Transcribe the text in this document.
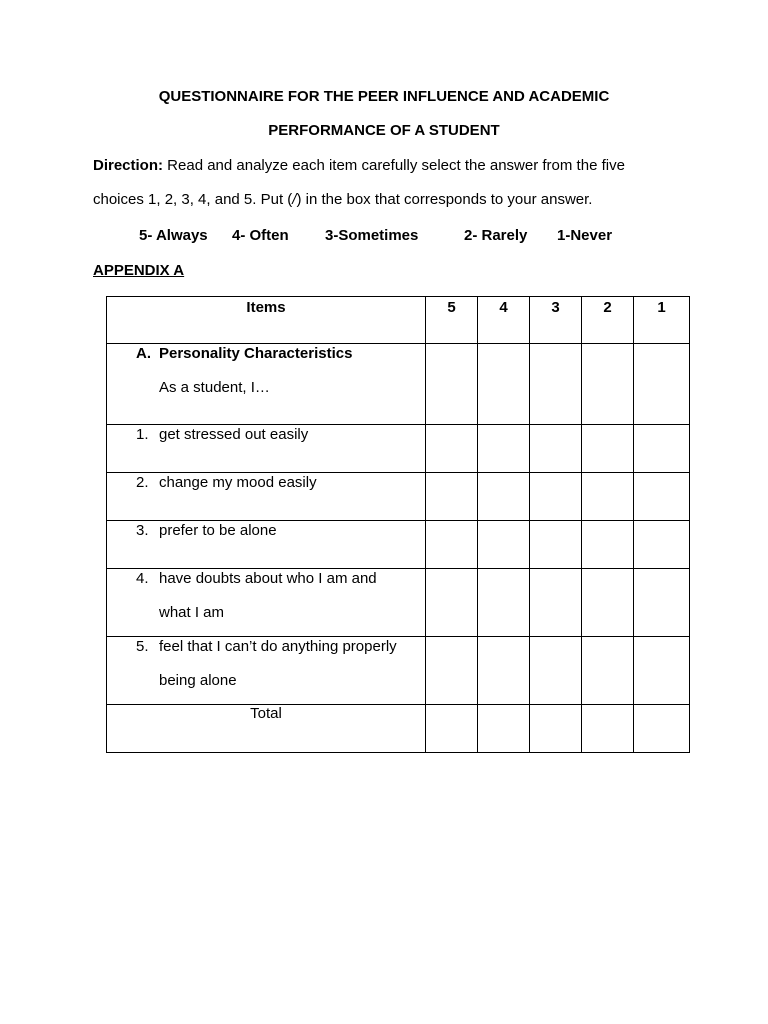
QUESTIONNAIRE FOR THE PEER INFLUENCE AND ACADEMIC
PERFORMANCE OF A STUDENT
Direction: Read and analyze each item carefully select the answer from the five
choices 1, 2, 3, 4, and 5. Put (/) in the box that corresponds to your answer.
5- Always 4- Often 3-Sometimes	2- Rarely 1-Never
APPENDIX A
Items	5	4	3	2	1

A. Personality Characteristics
As a student, I…					

1. get stressed out easily					

2. change my mood easily					

3. prefer to be alone					

4. have doubts about who I am and
what I am					

5. feel that I can’t do anything properly
being alone					

Total					
